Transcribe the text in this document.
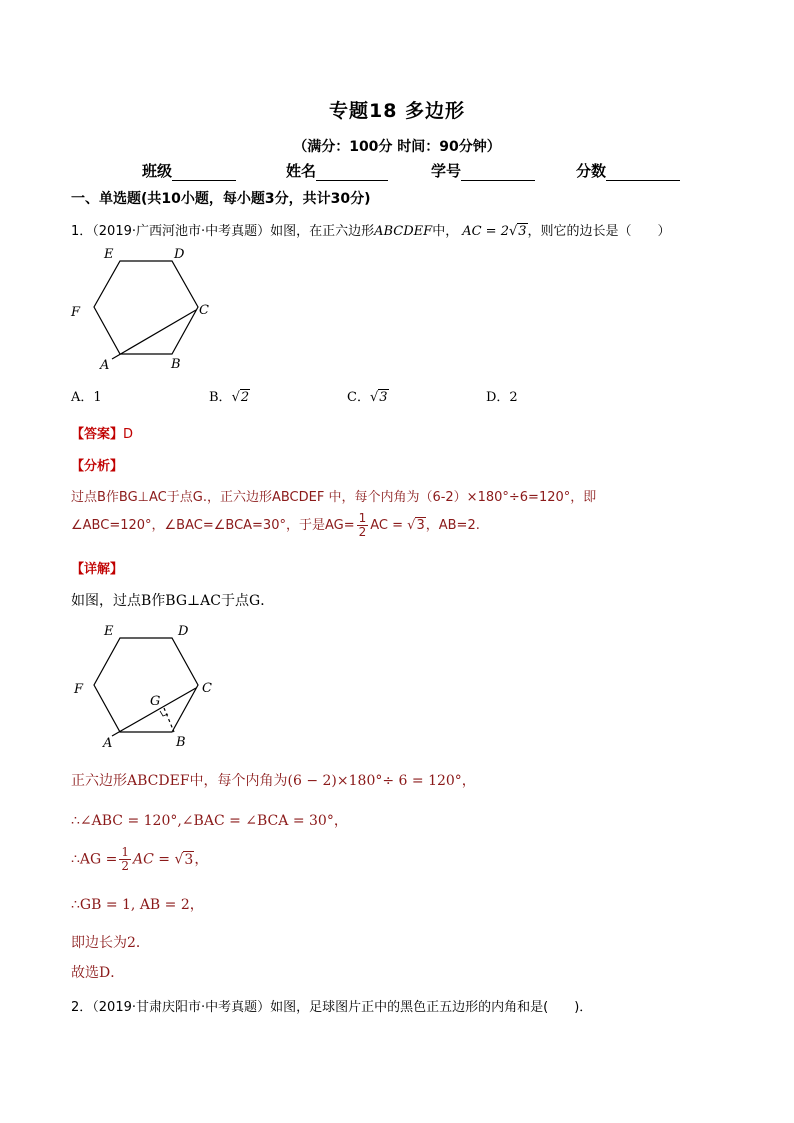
专题18 多边形
（满分：100分 时间：90分钟）
班级	姓名	学号	分数
一、单选题(共10小题，每小题3分，共计30分)
1．（2019·广西河池市·中考真题）如图，在正六边形ABCDEF中， AC = 2√3，则它的边长是（　　）
E	D
F	C
A	B
A．1	B．√2	C．√3	D．2
【答案】D
【分析】
过点B作BG⊥AC于点G.，正六边形ABCDEF 中，每个内角为（6-2）×180°÷6=120°，即
∠ABC=120°，∠BAC=∠BCA=30°，于是$AG= \frac{1}{2}$ AC = √3，AB=2.
【详解】
如图，过点B作BG⊥AC于点G．
E	D
F	C
G
A	B
正六边形ABCDEF中，每个内角为(6 − 2)×180°÷ 6 = 120°，
∴∠ABC = 120°,∠BAC = ∠BCA = 30°，
∴AG = $\frac{1}{2}$ AC = √3，
∴GB = 1, AB = 2，
即边长为2．
故选D．
2．（2019·甘肃庆阳市·中考真题）如图，足球图片正中的黑色正五边形的内角和是(　　)．
